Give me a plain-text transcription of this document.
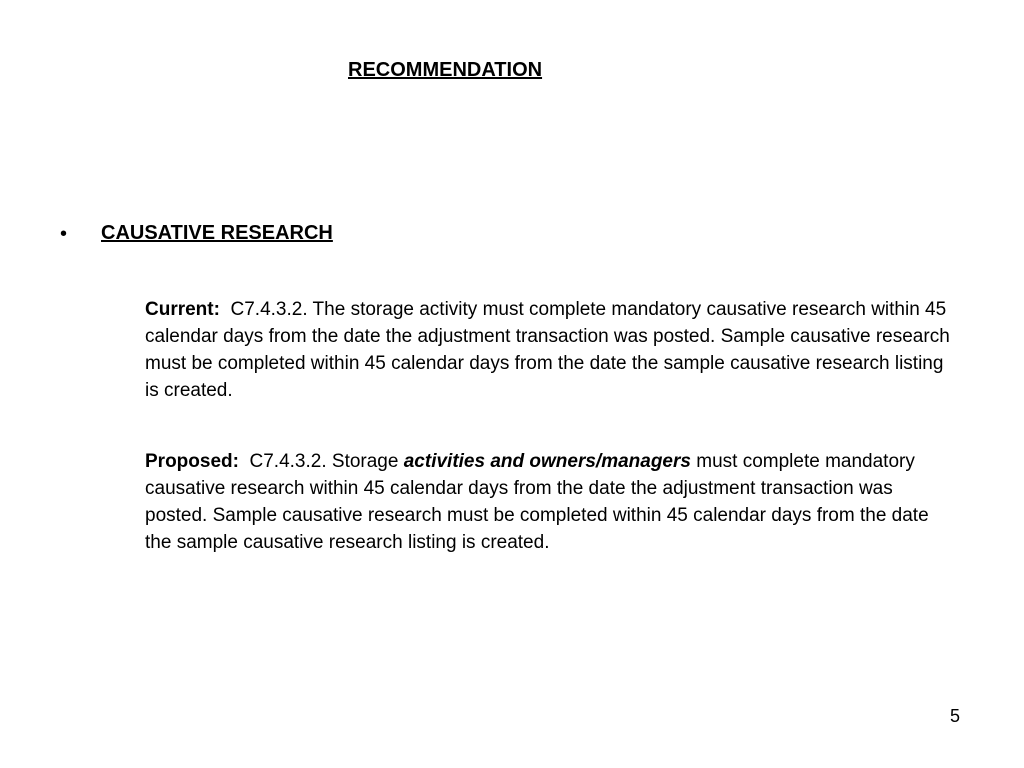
RECOMMENDATION
• CAUSATIVE RESEARCH
Current: C7.4.3.2. The storage activity must complete mandatory causative research within 45 calendar days from the date the adjustment transaction was posted. Sample causative research must be completed within 45 calendar days from the date the sample causative research listing is created.
Proposed: C7.4.3.2. Storage activities and owners/managers must complete mandatory causative research within 45 calendar days from the date the adjustment transaction was posted. Sample causative research must be completed within 45 calendar days from the date the sample causative research listing is created.
5
